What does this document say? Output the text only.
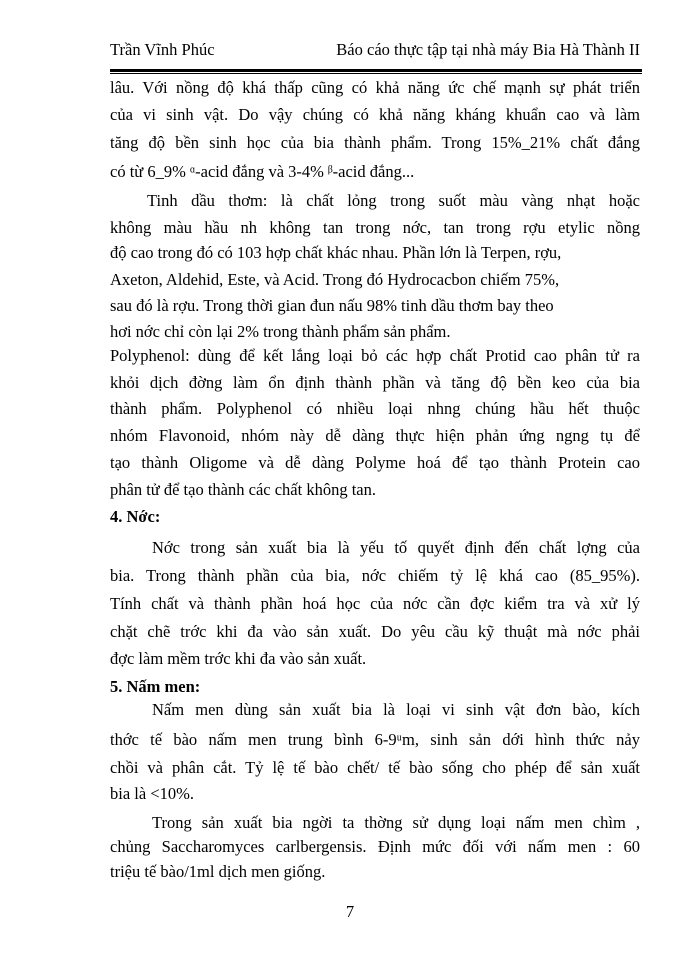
Trần Vĩnh Phúc	Báo cáo thực tập tại nhà máy Bia Hà Thành II
lâu. Với nồng độ khá thấp cũng có khả năng ức chế mạnh sự phát triển
của vi sinh vật. Do vậy chúng có khả năng kháng khuẩn cao và làm
tăng độ bền sinh học của bia thành phẩm. Trong 15%_21% chất đắng
có từ 6_9% ᵅ-acid đắng và 3-4% ᵝ-acid đắng...
Tinh dầu thơm: là chất lỏng trong suốt màu vàng nhạt hoặc
không màu hầu nh không tan trong nớc, tan trong rợu etylic nồng
độ cao trong đó có 103 hợp chất khác nhau. Phần lớn là Terpen, rợu,
Axeton, Aldehid, Este, và Acid. Trong đó Hydrocacbon chiếm 75%,
sau đó là rợu. Trong thời gian đun nấu 98% tinh dầu thơm bay theo
hơi nớc chỉ còn lại 2% trong thành phẩm sản phẩm.
Polyphenol: dùng để kết lắng loại bỏ các hợp chất Protid cao phân tử ra
khỏi dịch đờng làm ổn định thành phần và tăng độ bền keo của bia
thành phẩm. Polyphenol có nhiều loại nhng chúng hầu hết thuộc
nhóm Flavonoid, nhóm này dễ dàng thực hiện phản ứng ngng tụ để
tạo thành Oligome và dễ dàng Polyme hoá để tạo thành Protein cao
phân tử để tạo thành các chất không tan.
4. Nớc:
Nớc trong sản xuất bia là yếu tố quyết định đến chất lợng của
bia. Trong thành phần của bia, nớc chiếm tỷ lệ khá cao (85_95%).
Tính chất và thành phần hoá học của nớc cần đợc kiểm tra và xử lý
chặt chẽ trớc khi đa vào sản xuất. Do yêu cầu kỹ thuật mà nớc phải
đợc làm mềm trớc khi đa vào sản xuất.
5. Nấm men:
Nấm men dùng sản xuất bia là loại vi sinh vật đơn bào, kích
thớc tế bào nấm men trung bình 6-9ᵘm, sinh sản dới hình thức nảy
chồi và phân cắt. Tỷ lệ tế bào chết/ tế bào sống cho phép để sản xuất
bia là <10%.
Trong sản xuất bia ngời ta thờng sử dụng loại nấm men chìm ,
chủng Saccharomyces carlbergensis. Định mức đối với nấm men : 60
triệu tế bào/1ml dịch men giống.
7
